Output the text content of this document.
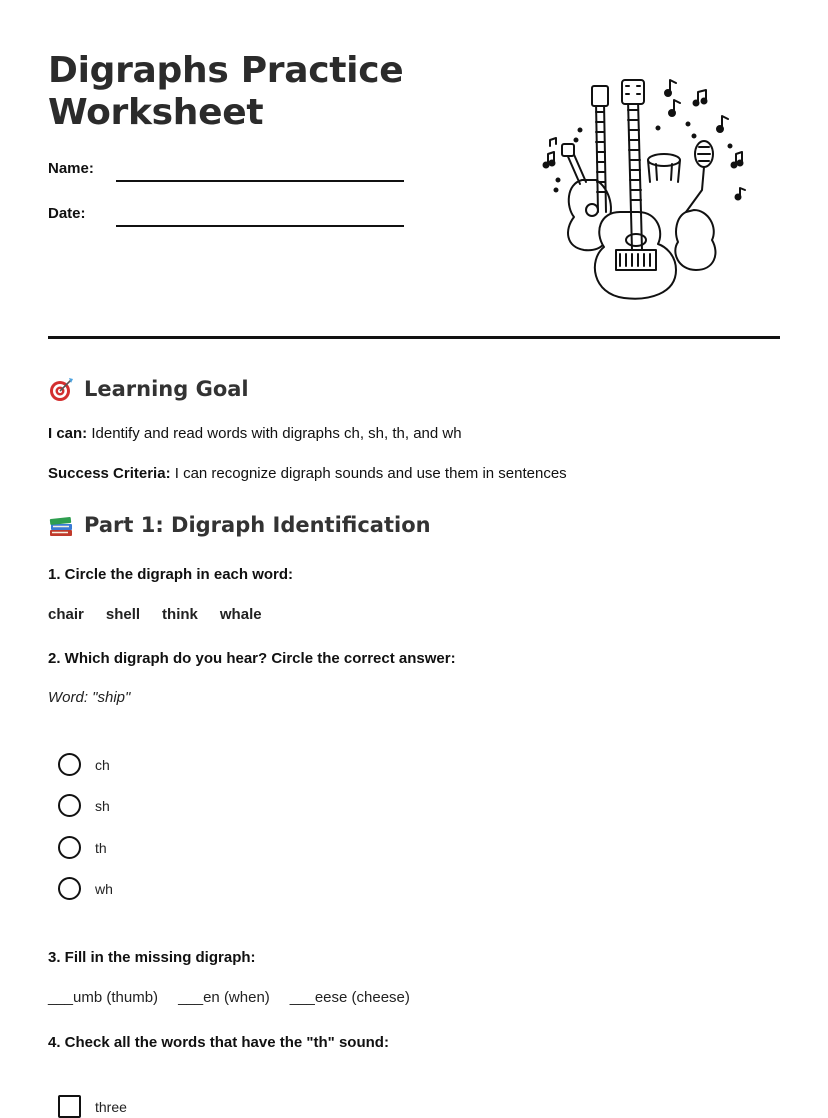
Digraphs Practice
Worksheet
Name:
Date:
Learning Goal
I can: Identify and read words with digraphs ch, sh, th, and wh
Success Criteria: I can recognize digraph sounds and use them in sentences
Part 1: Digraph Identification
1. Circle the digraph in each word:
chair shell think whale
2. Which digraph do you hear? Circle the correct answer:
Word: "ship"
ch
sh
th
wh
3. Fill in the missing digraph:
___umb (thumb) ___en (when) ___eese (cheese)
4. Check all the words that have the "th" sound:
three
